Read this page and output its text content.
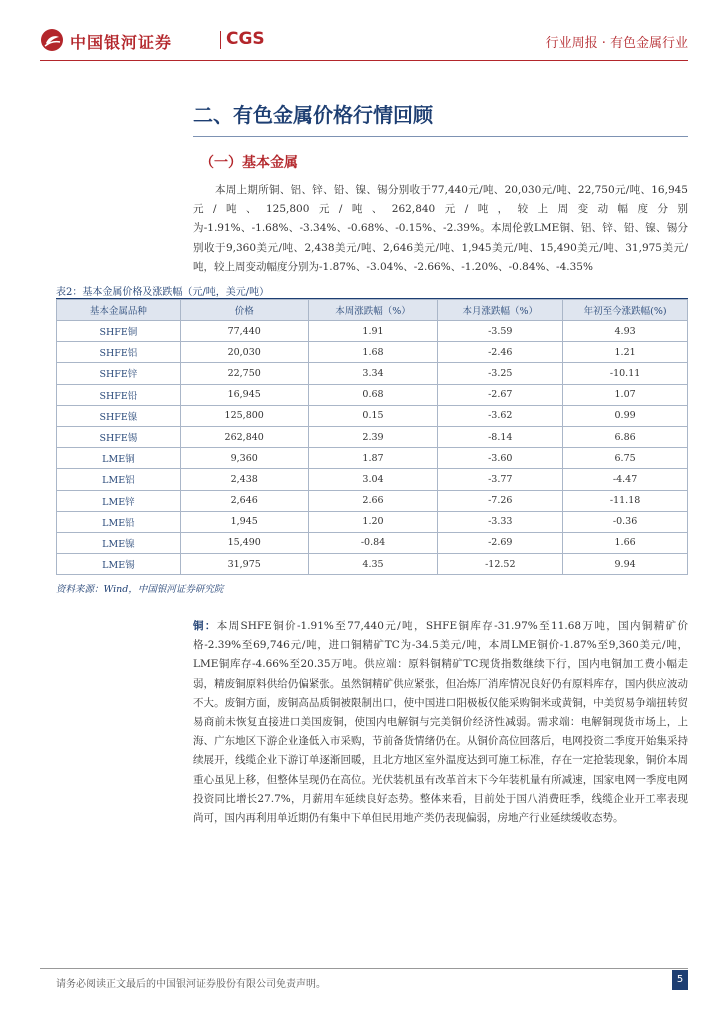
中国银河证券	CGS	行业周报 · 有色金属行业
二、有色金属价格行情回顾
（一）基本金属

本周上期所铜、铝、锌、铅、镍、锡分别收于77,440元/吨、20,030元/吨、22,750元/吨、16,945元/吨、125,800元/吨、262,840元/吨，较上周变动幅度分别为-1.91%、-1.68%、-3.34%、-0.68%、-0.15%、-2.39%。本周伦敦LME铜、铝、锌、铅、镍、锡分别收于9,360美元/吨、2,438美元/吨、2,646美元/吨、1,945美元/吨、15,490美元/吨、31,975美元/吨，较上周变动幅度分别为-1.87%、-3.04%、-2.66%、-1.20%、-0.84%、-4.35%

表2：基本金属价格及涨跌幅（元/吨，美元/吨）
基本金属品种	价格	本周涨跌幅（%）	本月涨跌幅（%）	年初至今涨跌幅(%)
SHFE铜	77,440	1.91	-3.59	4.93
SHFE铝	20,030	1.68	-2.46	1.21
SHFE锌	22,750	3.34	-3.25	-10.11
SHFE铅	16,945	0.68	-2.67	1.07
SHFE镍	125,800	0.15	-3.62	0.99
SHFE锡	262,840	2.39	-8.14	6.86
LME铜	9,360	1.87	-3.60	6.75
LME铝	2,438	3.04	-3.77	-4.47
LME锌	2,646	2.66	-7.26	-11.18
LME铅	1,945	1.20	-3.33	-0.36
LME镍	15,490	-0.84	-2.69	1.66
LME锡	31,975	4.35	-12.52	9.94
资料来源：Wind，中国银河证券研究院

铜：本周SHFE铜价-1.91%至77,440元/吨，SHFE铜库存-31.97%至11.68万吨，国内铜精矿价格-2.39%至69,746元/吨，进口铜精矿TC为-34.5美元/吨，本周LME铜价-1.87%至9,360美元/吨，LME铜库存-4.66%至20.35万吨。供应端：原料铜精矿TC现货指数继续下行，国内电铜加工费小幅走弱，精废铜原料供给仍偏紧张。虽然铜精矿供应紧张，但冶炼厂消库情况良好仍有原料库存，国内供应波动不大。废铜方面，废铜高品质铜被限制出口，使中国进口阳极板仅能采购铜米或黄铜，中美贸易争端扭转贸易商前未恢复直接进口美国废铜，使国内电解铜与完美铜价经济性减弱。需求端：电解铜现货市场上，上海、广东地区下游企业逢低入市采购，节前备货情绪仍在。从铜价高位回落后，电网投资二季度开始集采持续展开，线缆企业下游订单逐渐回暖，且北方地区室外温度达到可施工标准，存在一定抢装现象，铜价本周重心虽见上移，但整体呈现仍在高位。光伏装机虽有改革首末下今年装机量有所减速，国家电网一季度电网投资同比增长27.7%，月薪用车延续良好态势。整体来看，目前处于国八消费旺季，线缆企业开工率表现尚可，国内再利用单近期仍有集中下单但民用地产类仍表现偏弱，房地产行业延续缓收态势。

请务必阅读正文最后的中国银河证券股份有限公司免责声明。	5
